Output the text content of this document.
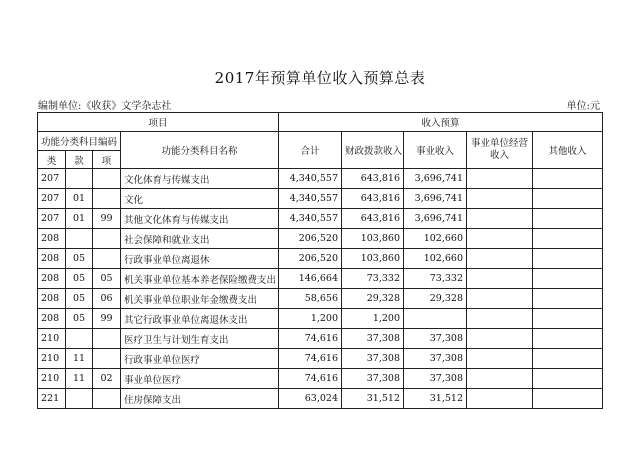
2017年预算单位收入预算总表
编制单位:《收获》文学杂志社	单位:元
项目				收入预算				
功能分类科目编码			功能分类科目名称	合计	财政拨款收入	事业收入	事业单位经营收入	其他收入
类	款	项						
207			文化体育与传媒支出	4,340,557	643,816	3,696,741		
207	01		文化	4,340,557	643,816	3,696,741		
207	01	99	其他文化体育与传媒支出	4,340,557	643,816	3,696,741		
208			社会保障和就业支出	206,520	103,860	102,660		
208	05		行政事业单位离退休	206,520	103,860	102,660		
208	05	05	机关事业单位基本养老保险缴费支出	146,664	73,332	73,332		
208	05	06	机关事业单位职业年金缴费支出	58,656	29,328	29,328		
208	05	99	其它行政事业单位离退休支出	1,200	1,200			
210			医疗卫生与计划生育支出	74,616	37,308	37,308		
210	11		行政事业单位医疗	74,616	37,308	37,308		
210	11	02	事业单位医疗	74,616	37,308	37,308		
221			住房保障支出	63,024	31,512	31,512		
